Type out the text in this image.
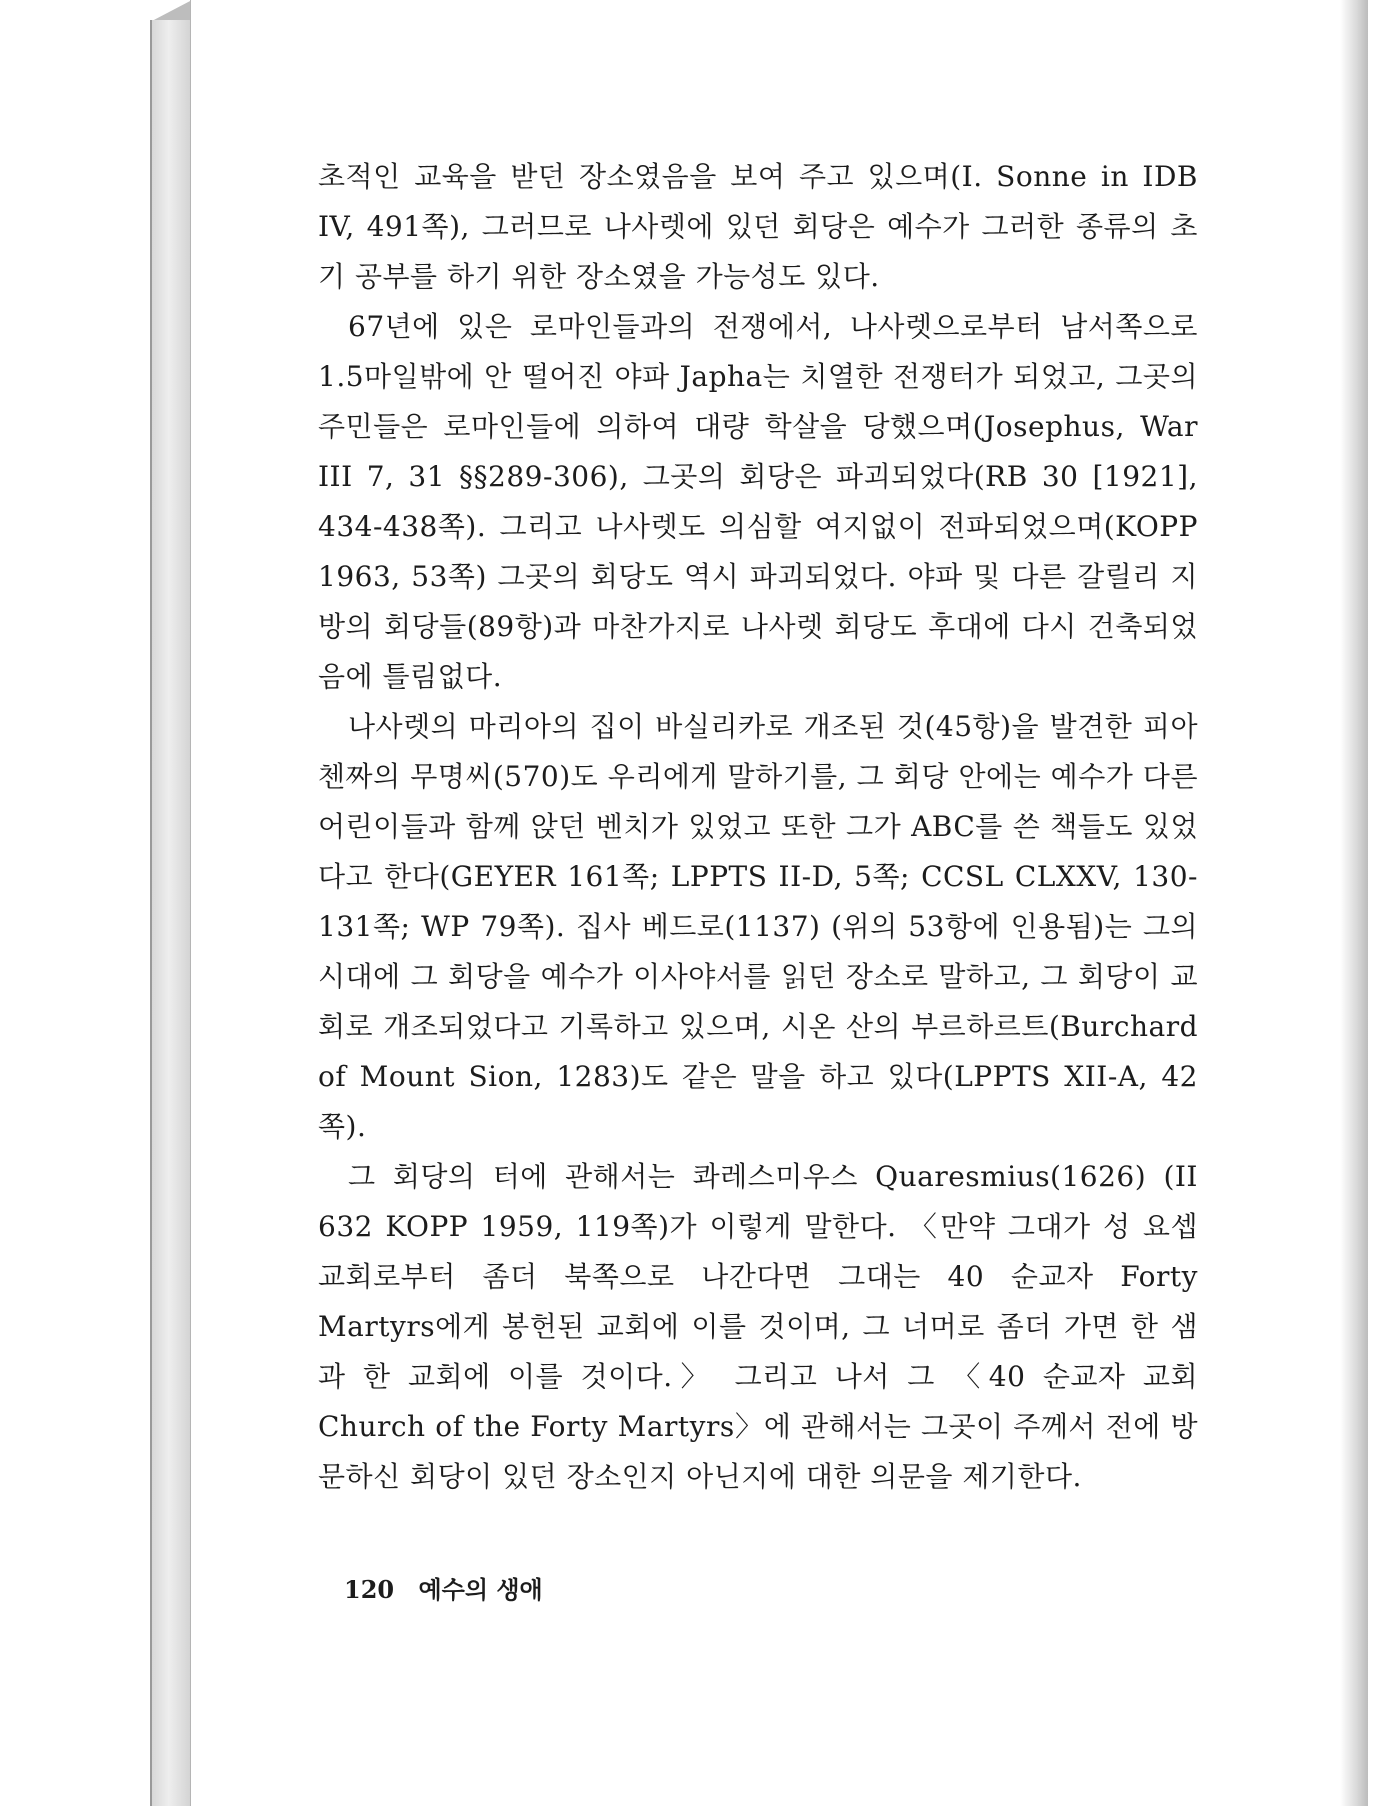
초적인 교육을 받던 장소였음을 보여 주고 있으며(I. Sonne in IDB IV, 491쪽), 그러므로 나사렛에 있던 회당은 예수가 그러한 종류의 초기 공부를 하기 위한 장소였을 가능성도 있다.

67년에 있은 로마인들과의 전쟁에서, 나사렛으로부터 남서쪽으로 1.5마일밖에 안 떨어진 야파 Japha는 치열한 전쟁터가 되었고, 그곳의 주민들은 로마인들에 의하여 대량 학살을 당했으며(Josephus, War III 7, 31 §§289-306), 그곳의 회당은 파괴되었다(RB 30 [1921], 434-438쪽). 그리고 나사렛도 의심할 여지없이 전파되었으며(KOPP 1963, 53쪽) 그곳의 회당도 역시 파괴되었다. 야파 및 다른 갈릴리 지방의 회당들(89항)과 마찬가지로 나사렛 회당도 후대에 다시 건축되었음에 틀림없다.

나사렛의 마리아의 집이 바실리카로 개조된 것(45항)을 발견한 피아첸짜의 무명씨(570)도 우리에게 말하기를, 그 회당 안에는 예수가 다른 어린이들과 함께 앉던 벤치가 있었고 또한 그가 ABC를 쓴 책들도 있었다고 한다(GEYER 161쪽; LPPTS II-D, 5쪽; CCSL CLXXV, 130-131쪽; WP 79쪽). 집사 베드로(1137) (위의 53항에 인용됨)는 그의 시대에 그 회당을 예수가 이사야서를 읽던 장소로 말하고, 그 회당이 교회로 개조되었다고 기록하고 있으며, 시온 산의 부르하르트(Burchard of Mount Sion, 1283)도 같은 말을 하고 있다(LPPTS XII-A, 42쪽).

그 회당의 터에 관해서는 콰레스미우스 Quaresmius(1626) (II 632 KOPP 1959, 119쪽)가 이렇게 말한다. 〈만약 그대가 성 요셉 교회로부터 좀더 북쪽으로 나간다면 그대는 40 순교자 Forty Martyrs에게 봉헌된 교회에 이를 것이며, 그 너머로 좀더 가면 한 샘과 한 교회에 이를 것이다.〉 그리고 나서 그 〈40 순교자 교회 Church of the Forty Martyrs〉에 관해서는 그곳이 주께서 전에 방문하신 회당이 있던 장소인지 아닌지에 대한 의문을 제기한다.

120 예수의 생애
